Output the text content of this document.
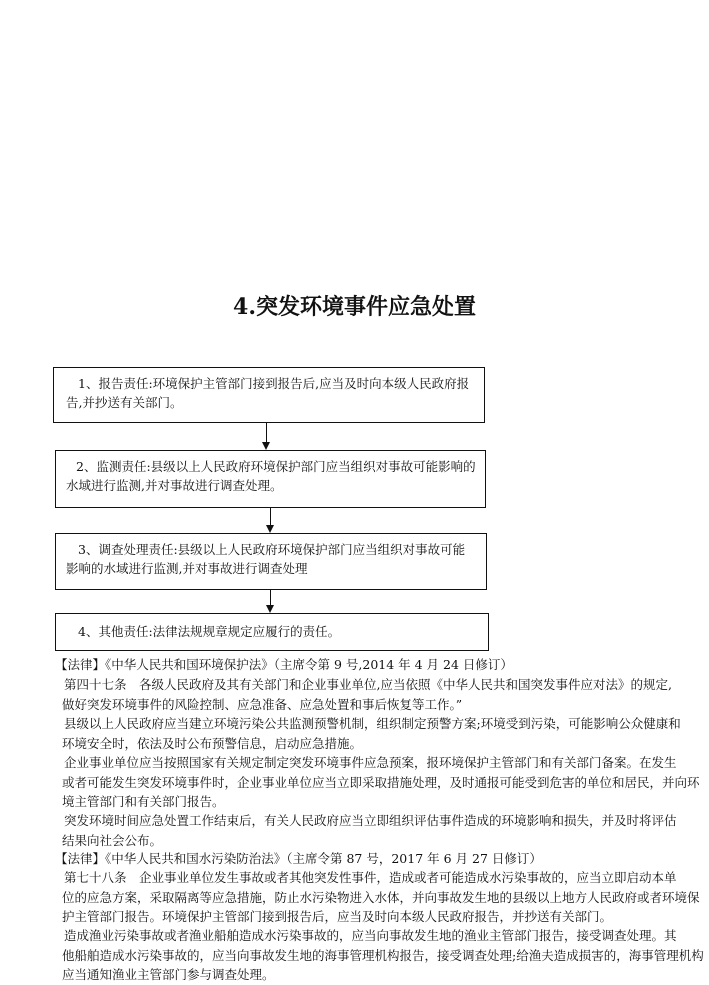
4.突发环境事件应急处置
1、报告责任:环境保护主管部门接到报告后,应当及时向本级人民政府报
告,并抄送有关部门。
2、监测责任:县级以上人民政府环境保护部门应当组织对事故可能影响的
水域进行监测,并对事故进行调查处理。
3、调查处理责任:县级以上人民政府环境保护部门应当组织对事故可能
影响的水域进行监测,并对事故进行调查处理
4、其他责任:法律法规规章规定应履行的责任。
【法律】《中华人民共和国环境保护法》（主席令第 9 号,2014 年 4 月 24 日修订）
第四十七条　各级人民政府及其有关部门和企业事业单位,应当依照《中华人民共和国突发事件应对法》的规定,
做好突发环境事件的风险控制、应急准备、应急处置和事后恢复等工作。”
县级以上人民政府应当建立环境污染公共监测预警机制，组织制定预警方案;环境受到污染，可能影响公众健康和
环境安全时，依法及时公布预警信息，启动应急措施。
企业事业单位应当按照国家有关规定制定突发环境事件应急预案，报环境保护主管部门和有关部门备案。在发生
或者可能发生突发环境事件时，企业事业单位应当立即采取措施处理，及时通报可能受到危害的单位和居民，并向环
境主管部门和有关部门报告。
突发环境时间应急处置工作结束后，有关人民政府应当立即组织评估事件造成的环境影响和损失，并及时将评估
结果向社会公布。
【法律】《中华人民共和国水污染防治法》（主席令第 87 号，2017 年 6 月 27 日修订）
第七十八条　企业事业单位发生事故或者其他突发性事件，造成或者可能造成水污染事故的，应当立即启动本单
位的应急方案，采取隔离等应急措施，防止水污染物进入水体，并向事故发生地的县级以上地方人民政府或者环境保
护主管部门报告。环境保护主管部门接到报告后，应当及时向本级人民政府报告，并抄送有关部门。
造成渔业污染事故或者渔业船舶造成水污染事故的，应当向事故发生地的渔业主管部门报告，接受调查处理。其
他船舶造成水污染事故的，应当向事故发生地的海事管理机构报告，接受调查处理;给渔夫造成损害的，海事管理机构
应当通知渔业主管部门参与调查处理。
